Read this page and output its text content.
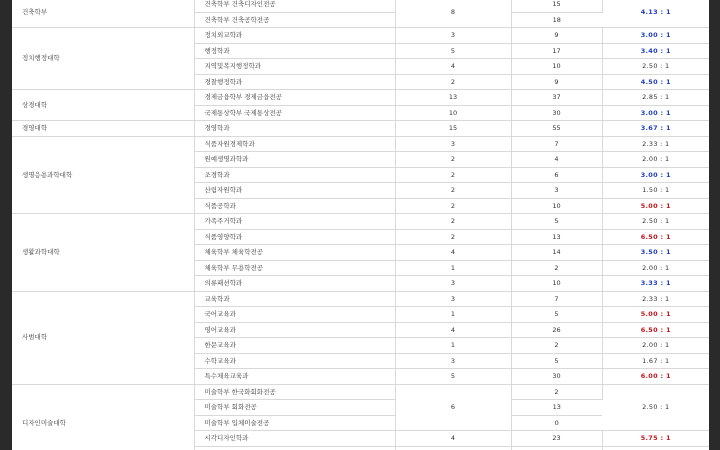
건축학부	건축학부 건축디자인전공	8	15	4.13 : 1
	건축학부 건축공학전공		18	
정치행정대학	정치외교학과	3	9	3.00 : 1
	행정학과	5	17	3.40 : 1
	지역및복지행정학과	4	10	2.50 : 1
	경찰행정학과	2	9	4.50 : 1
상경대학	경제금융학부 경제금융전공	13	37	2.85 : 1
	국제통상학부 국제통상전공	10	30	3.00 : 1
경영대학	경영학과	15	55	3.67 : 1
생명응용과학대학	식품자원경제학과	3	7	2.33 : 1
	원예생명과학과	2	4	2.00 : 1
	조경학과	2	6	3.00 : 1
	산림자원학과	2	3	1.50 : 1
	식품공학과	2	10	5.00 : 1
생활과학대학	가족주거학과	2	5	2.50 : 1
	식품영양학과	2	13	6.50 : 1
	체육학부 체육학전공	4	14	3.50 : 1
	체육학부 무용학전공	1	2	2.00 : 1
	의류패션학과	3	10	3.33 : 1
사범대학	교육학과	3	7	2.33 : 1
	국어교육과	1	5	5.00 : 1
	영어교육과	4	26	6.50 : 1
	한문교육과	1	2	2.00 : 1
	수학교육과	3	5	1.67 : 1
	특수체육교육과	5	30	6.00 : 1
디자인미술대학	미술학부 한국화회화전공	6	2	2.50 : 1
	미술학부 회화전공		13	
	미술학부 입체미술전공		0	
	시각디자인학과	4	23	5.75 : 1
